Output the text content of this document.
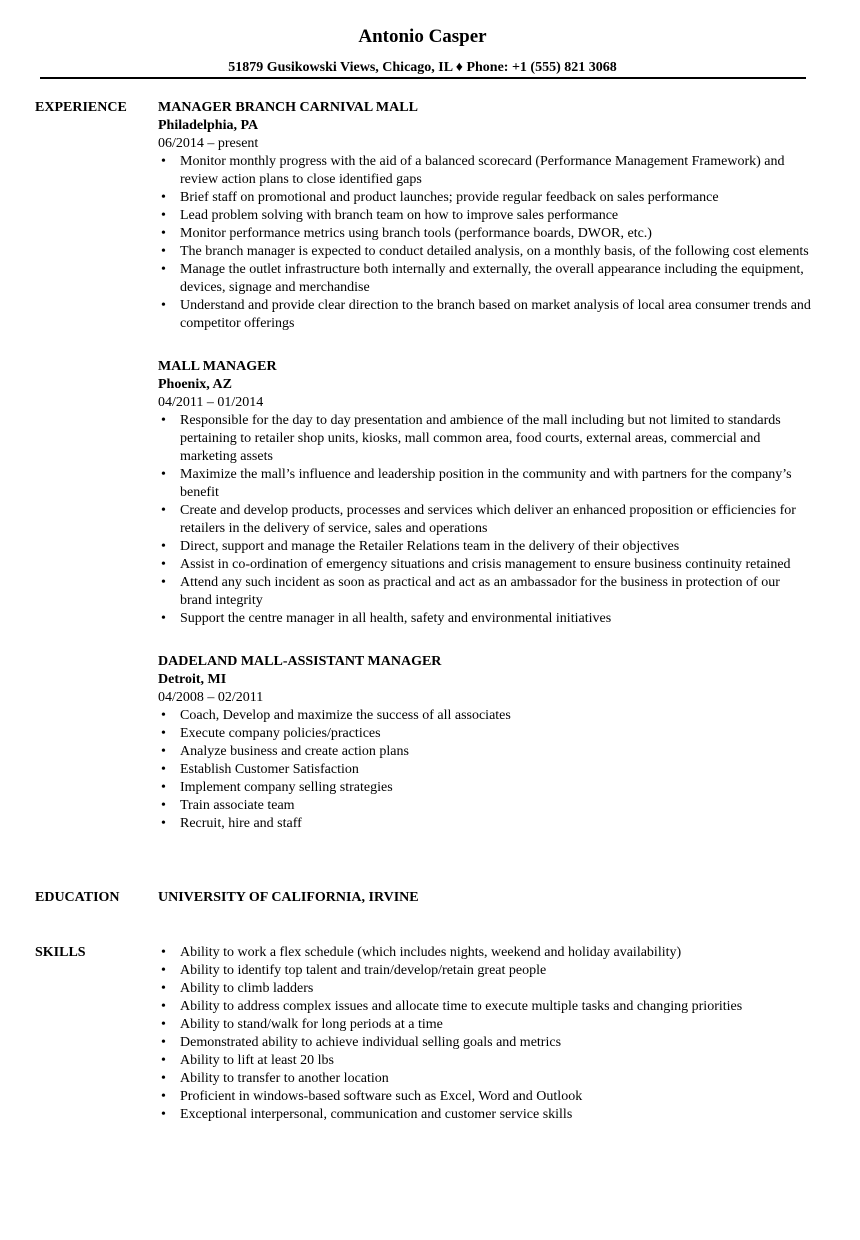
Antonio Casper
51879 Gusikowski Views, Chicago, IL ♦ Phone: +1 (555) 821 3068
EXPERIENCE	MANAGER BRANCH CARNIVAL MALL
Philadelphia, PA
06/2014 – present
• Monitor monthly progress with the aid of a balanced scorecard (Performance Management Framework) and review action plans to close identified gaps
• Brief staff on promotional and product launches; provide regular feedback on sales performance
• Lead problem solving with branch team on how to improve sales performance
• Monitor performance metrics using branch tools (performance boards, DWOR, etc.)
• The branch manager is expected to conduct detailed analysis, on a monthly basis, of the following cost elements
• Manage the outlet infrastructure both internally and externally, the overall appearance including the equipment, devices, signage and merchandise
• Understand and provide clear direction to the branch based on market analysis of local area consumer trends and competitor offerings
MALL MANAGER
Phoenix, AZ
04/2011 – 01/2014
• Responsible for the day to day presentation and ambience of the mall including but not limited to standards pertaining to retailer shop units, kiosks, mall common area, food courts, external areas, commercial and marketing assets
• Maximize the mall’s influence and leadership position in the community and with partners for the company’s benefit
• Create and develop products, processes and services which deliver an enhanced proposition or efficiencies for retailers in the delivery of service, sales and operations
• Direct, support and manage the Retailer Relations team in the delivery of their objectives
• Assist in co-ordination of emergency situations and crisis management to ensure business continuity retained
• Attend any such incident as soon as practical and act as an ambassador for the business in protection of our brand integrity
• Support the centre manager in all health, safety and environmental initiatives
DADELAND MALL-ASSISTANT MANAGER
Detroit, MI
04/2008 – 02/2011
• Coach, Develop and maximize the success of all associates
• Execute company policies/practices
• Analyze business and create action plans
• Establish Customer Satisfaction
• Implement company selling strategies
• Train associate team
• Recruit, hire and staff
EDUCATION	UNIVERSITY OF CALIFORNIA, IRVINE
SKILLS
•	Ability to work a flex schedule (which includes nights, weekend and holiday availability)
• Ability to identify top talent and train/develop/retain great people
• Ability to climb ladders
• Ability to address complex issues and allocate time to execute multiple tasks and changing priorities
• Ability to stand/walk for long periods at a time
• Demonstrated ability to achieve individual selling goals and metrics
• Ability to lift at least 20 lbs
• Ability to transfer to another location
• Proficient in windows-based software such as Excel, Word and Outlook
• Exceptional interpersonal, communication and customer service skills
